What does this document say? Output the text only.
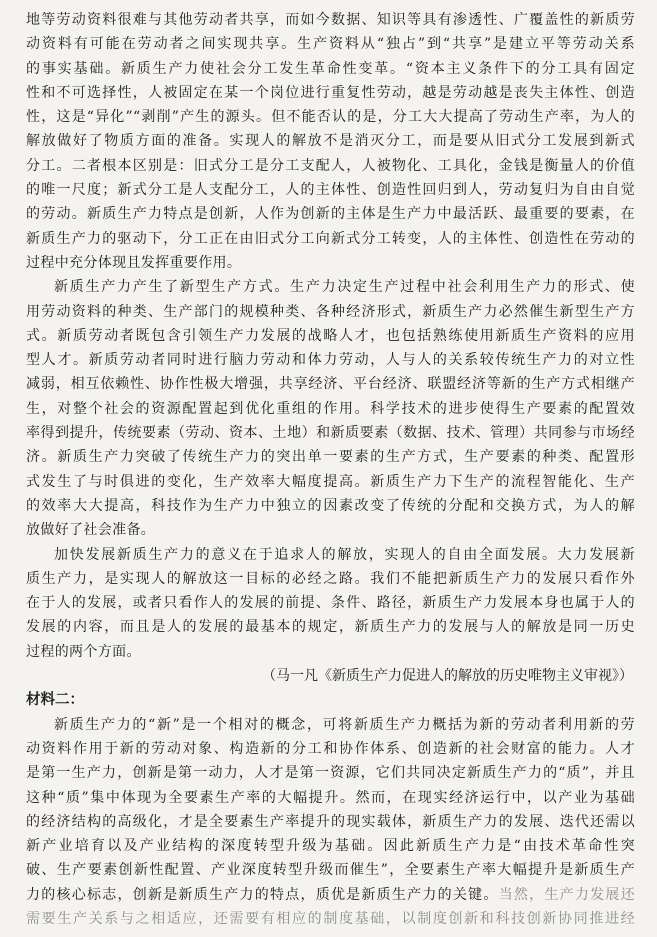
地等劳动资料很难与其他劳动者共享，而如今数据、知识等具有渗透性、广覆盖性的新质劳
动资料有可能在劳动者之间实现共享。生产资料从“独占”到“共享”是建立平等劳动关系
的事实基础。新质生产力使社会分工发生革命性变革。“资本主义条件下的分工具有固定
性和不可选择性，人被固定在某一个岗位进行重复性劳动，越是劳动越是丧失主体性、创造
性，这是“异化”“剥削”产生的源头。但不能否认的是，分工大大提高了劳动生产率，为人的
解放做好了物质方面的准备。实现人的解放不是消灭分工，而是要从旧式分工发展到新式
分工。二者根本区别是：旧式分工是分工支配人，人被物化、工具化，金钱是衡量人的价值
的唯一尺度；新式分工是人支配分工，人的主体性、创造性回归到人，劳动复归为自由自觉
的劳动。新质生产力特点是创新，人作为创新的主体是生产力中最活跃、最重要的要素，在
新质生产力的驱动下，分工正在由旧式分工向新式分工转变，人的主体性、创造性在劳动的
过程中充分体现且发挥重要作用。
新质生产力产生了新型生产方式。生产力决定生产过程中社会利用生产力的形式、使
用劳动资料的种类、生产部门的规模种类、各种经济形式，新质生产力必然催生新型生产方
式。新质劳动者既包含引领生产力发展的战略人才，也包括熟练使用新质生产资料的应用
型人才。新质劳动者同时进行脑力劳动和体力劳动，人与人的关系较传统生产力的对立性
减弱，相互依赖性、协作性极大增强，共享经济、平台经济、联盟经济等新的生产方式相继产
生，对整个社会的资源配置起到优化重组的作用。科学技术的进步使得生产要素的配置效
率得到提升，传统要素（劳动、资本、土地）和新质要素（数据、技术、管理）共同参与市场经
济。新质生产力突破了传统生产力的突出单一要素的生产方式，生产要素的种类、配置形
式发生了与时俱进的变化，生产效率大幅度提高。新质生产力下生产的流程智能化、生产
的效率大大提高，科技作为生产力中独立的因素改变了传统的分配和交换方式，为人的解
放做好了社会准备。
加快发展新质生产力的意义在于追求人的解放，实现人的自由全面发展。大力发展新
质生产力，是实现人的解放这一目标的必经之路。我们不能把新质生产力的发展只看作外
在于人的发展，或者只看作人的发展的前提、条件、路径，新质生产力发展本身也属于人的
发展的内容，而且是人的发展的最基本的规定，新质生产力的发展与人的解放是同一历史
过程的两个方面。
（马一凡《新质生产力促进人的解放的历史唯物主义审视》）
材料二：
新质生产力的“新”是一个相对的概念，可将新质生产力概括为新的劳动者利用新的劳
动资料作用于新的劳动对象、构造新的分工和协作体系、创造新的社会财富的能力。人才
是第一生产力，创新是第一动力，人才是第一资源，它们共同决定新质生产力的“质”，并且
这种“质”集中体现为全要素生产率的大幅提升。然而，在现实经济运行中，以产业为基础
的经济结构的高级化，才是全要素生产率提升的现实载体，新质生产力的发展、迭代还需以
新产业培育以及产业结构的深度转型升级为基础。因此新质生产力是“由技术革命性突
破、生产要素创新性配置、产业深度转型升级而催生”，全要素生产率大幅提升是新质生产
力的核心标志，创新是新质生产力的特点，质优是新质生产力的关键。当然，生产力发展还
需要生产关系与之相适应，还需要有相应的制度基础，以制度创新和科技创新协同推进经
